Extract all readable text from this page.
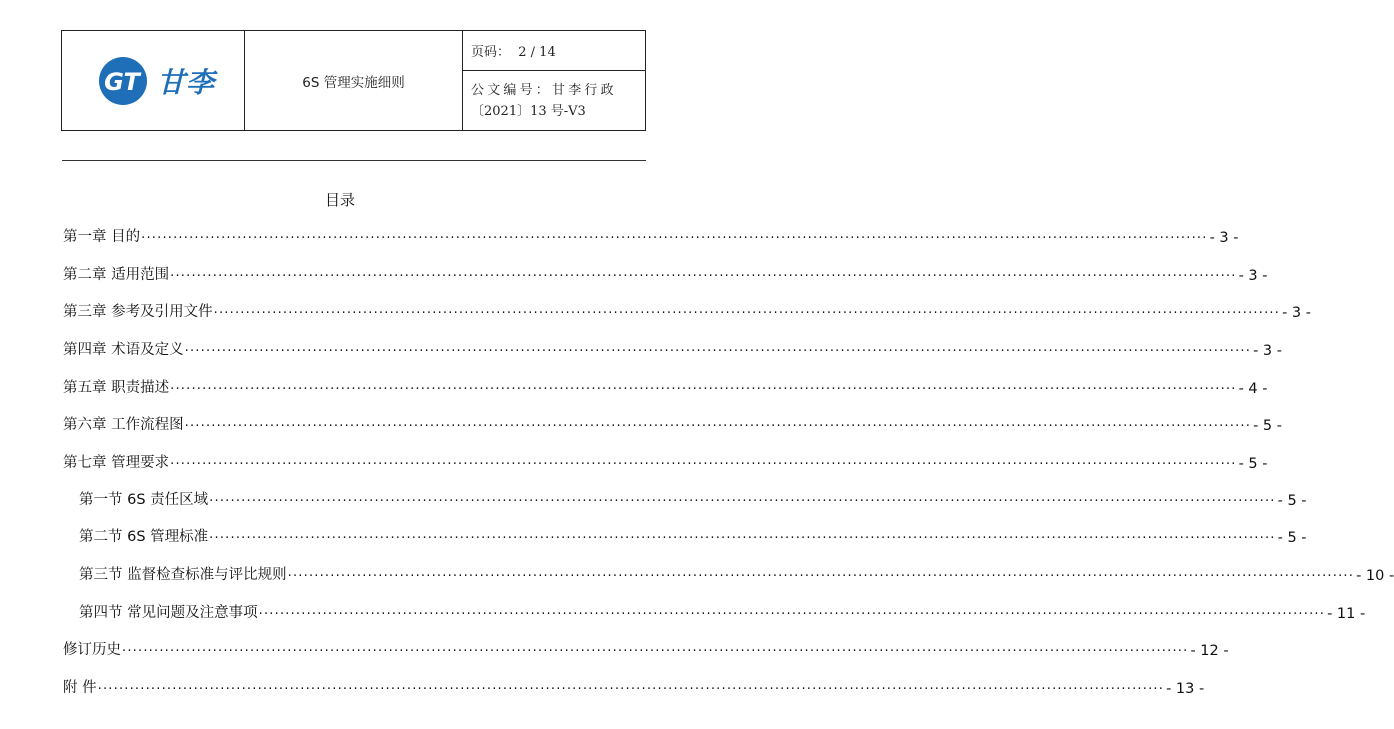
GT 甘李	6S 管理实施细则
页码：  2 / 14
公文编号：甘李行政
〔2021〕13 号-V3
目录
第一章 目的 ........................................................................................................................................................................................................ - 3 -
第二章 适用范围 ........................................................................................................................................................................................................ - 3 -
第三章 参考及引用文件 ........................................................................................................................................................................................................ - 3 -
第四章 术语及定义 ........................................................................................................................................................................................................ - 3 -
第五章 职责描述 ........................................................................................................................................................................................................ - 4 -
第六章 工作流程图 ........................................................................................................................................................................................................ - 5 -
第七章 管理要求 ........................................................................................................................................................................................................ - 5 -
第一节 6S 责任区域 ........................................................................................................................................................................................................ - 5 -
第二节 6S 管理标准 ........................................................................................................................................................................................................ - 5 -
第三节 监督检查标准与评比规则 ........................................................................................................................................................................................................ - 10 -
第四节 常见问题及注意事项 ........................................................................................................................................................................................................ - 11 -
修订历史 ........................................................................................................................................................................................................ - 12 -
附 件 ........................................................................................................................................................................................................ - 13 -
